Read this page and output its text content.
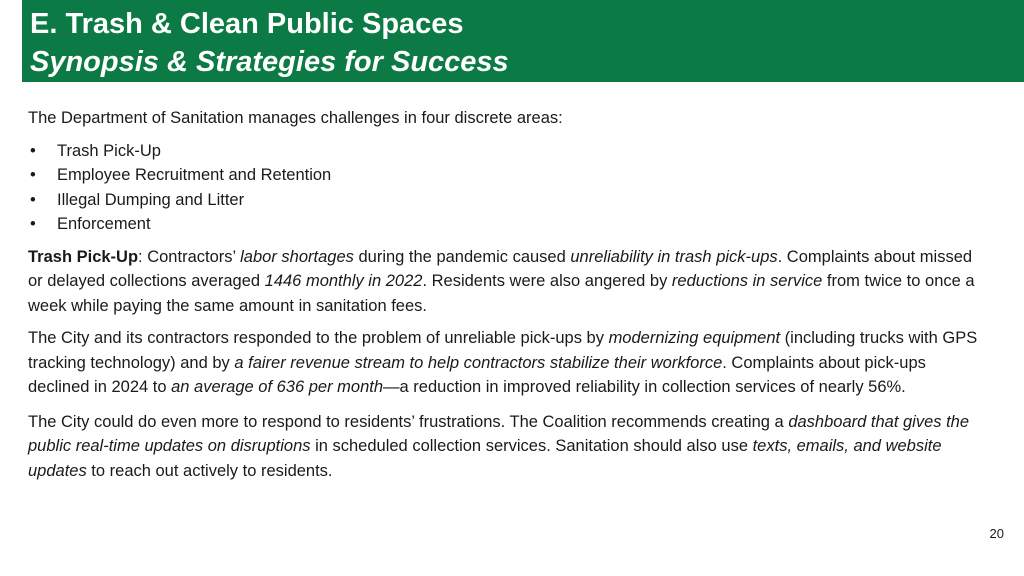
E. Trash & Clean Public Spaces
Synopsis & Strategies for Success

The Department of Sanitation manages challenges in four discrete areas:

• Trash Pick-Up
• Employee Recruitment and Retention
• Illegal Dumping and Litter
• Enforcement

Trash Pick-Up: Contractors’ labor shortages during the pandemic caused unreliability in trash pick-ups. Complaints about missed or delayed collections averaged 1446 monthly in 2022. Residents were also angered by reductions in service from twice to once a week while paying the same amount in sanitation fees.

The City and its contractors responded to the problem of unreliable pick-ups by modernizing equipment (including trucks with GPS tracking technology) and by a fairer revenue stream to help contractors stabilize their workforce. Complaints about pick-ups declined in 2024 to an average of 636 per month—a reduction in improved reliability in collection services of nearly 56%.

The City could do even more to respond to residents’ frustrations. The Coalition recommends creating a dashboard that gives the public real-time updates on disruptions in scheduled collection services. Sanitation should also use texts, emails, and website updates to reach out actively to residents.

20
